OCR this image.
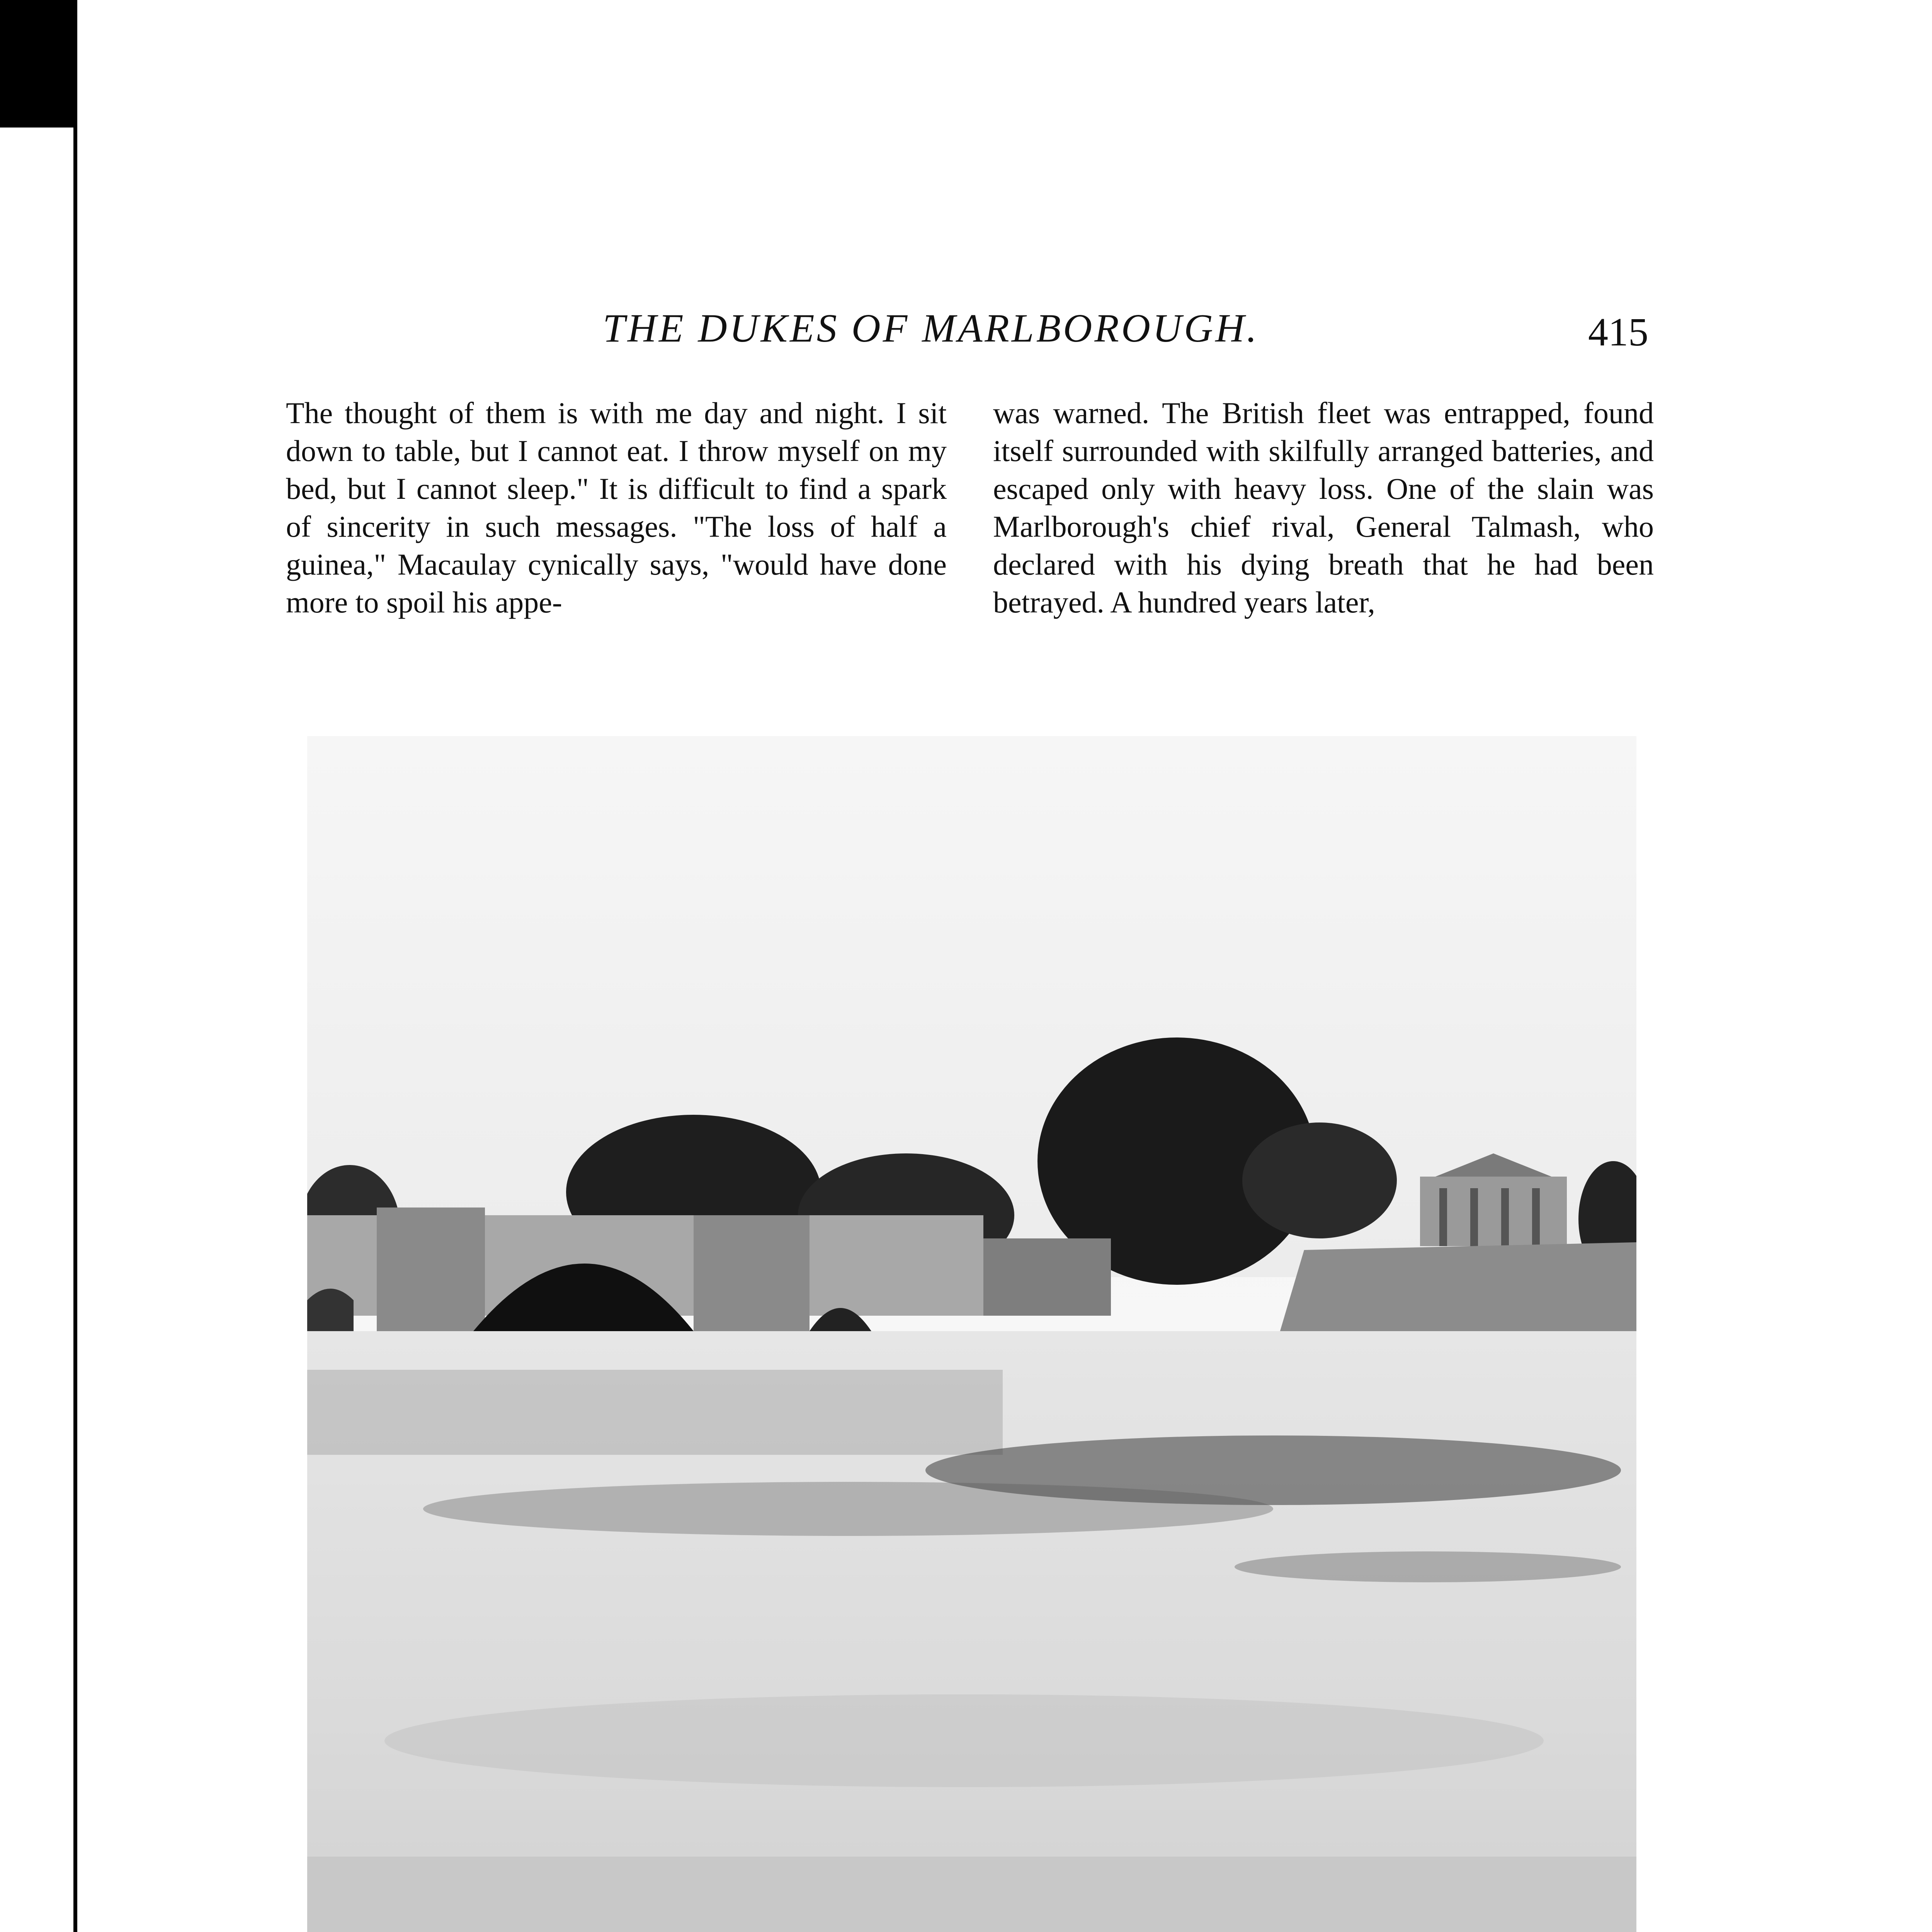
THE DUKES OF MARLBOROUGH.	415

The thought of them is with me day and night. I sit down to table, but I cannot eat. I throw myself on my bed, but I cannot sleep." It is difficult to find a spark of sincerity in such messages. "The loss of half a guinea," Macaulay cynically says, "would have done more to spoil his appe-

was warned. The British fleet was entrapped, found itself surrounded with skilfully arranged batteries, and escaped only with heavy loss. One of the slain was Marlborough's chief rival, General Talmash, who declared with his dying breath that he had been betrayed. A hundred years later,
